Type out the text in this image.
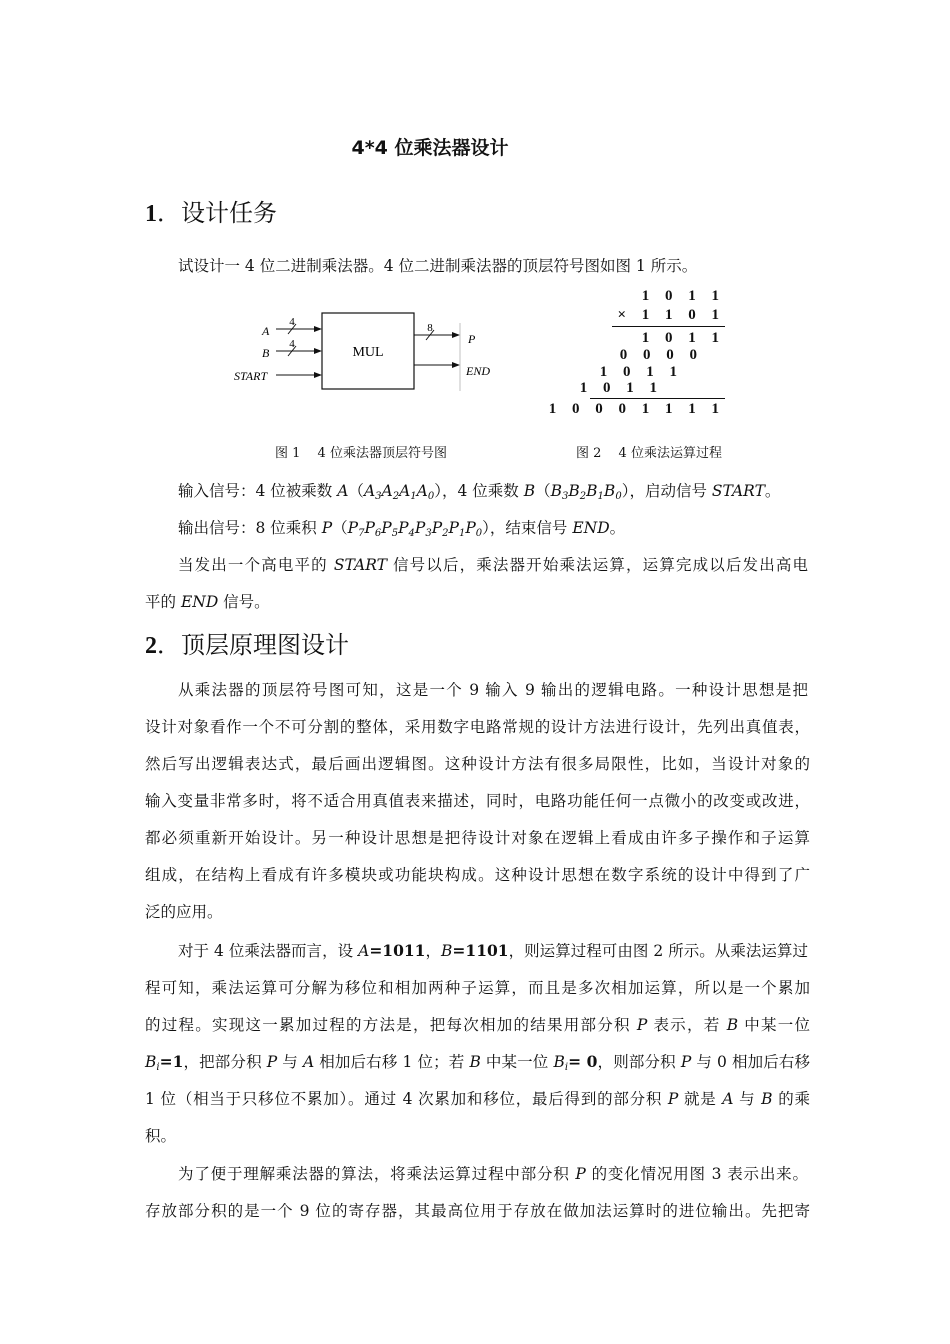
4*4 位乘法器设计
1．设计任务
试设计一 4 位二进制乘法器。4 位二进制乘法器的顶层符号图如图 1 所示。
MUL
4
A
4
B
START
8
P
END
1 0 1 1
× 1 1 0 1
1 0 1 1
0 0 0 0
1 0 1 1
1 0 1 1
1 0 0 0 1 1 1 1
图 1　 4 位乘法器顶层符号图	图 2　 4 位乘法运算过程
输入信号：4 位被乘数 $A(A_3A_2A_1A_0)$，4 位乘数 $B(B_3B_2B_1B_0)$，启动信号 START。
输出信号：8 位乘积 $P(P_7P_6P_5P_4P_3P_2P_1P_0)$，结束信号 END。
当发出一个高电平的 START 信号以后，乘法器开始乘法运算，运算完成以后发出高电
平的 END 信号。
2．顶层原理图设计
从乘法器的顶层符号图可知，这是一个 9 输入 9 输出的逻辑电路。一种设计思想是把
设计对象看作一个不可分割的整体，采用数字电路常规的设计方法进行设计，先列出真值表，
然后写出逻辑表达式，最后画出逻辑图。这种设计方法有很多局限性，比如，当设计对象的
输入变量非常多时，将不适合用真值表来描述，同时，电路功能任何一点微小的改变或改进，
都必须重新开始设计。另一种设计思想是把待设计对象在逻辑上看成由许多子操作和子运算
组成，在结构上看成有许多模块或功能块构成。这种设计思想在数字系统的设计中得到了广
泛的应用。
对于 4 位乘法器而言，设 A=1011，B=1101，则运算过程可由图 2 所示。从乘法运算过
程可知，乘法运算可分解为移位和相加两种子运算，而且是多次相加运算，所以是一个累加
的过程。实现这一累加过程的方法是，把每次相加的结果用部分积 P 表示，若 B 中某一位
$B_i=1$，把部分积 P 与 A 相加后右移 1 位；若 B 中某一位 $B_i= 0$，则部分积 P 与 0 相加后右移
1 位（相当于只移位不累加）。通过 4 次累加和移位，最后得到的部分积 P 就是 A 与 B 的乘
积。
为了便于理解乘法器的算法，将乘法运算过程中部分积 P 的变化情况用图 3 表示出来。
存放部分积的是一个 9 位的寄存器，其最高位用于存放在做加法运算时的进位输出。先把寄
